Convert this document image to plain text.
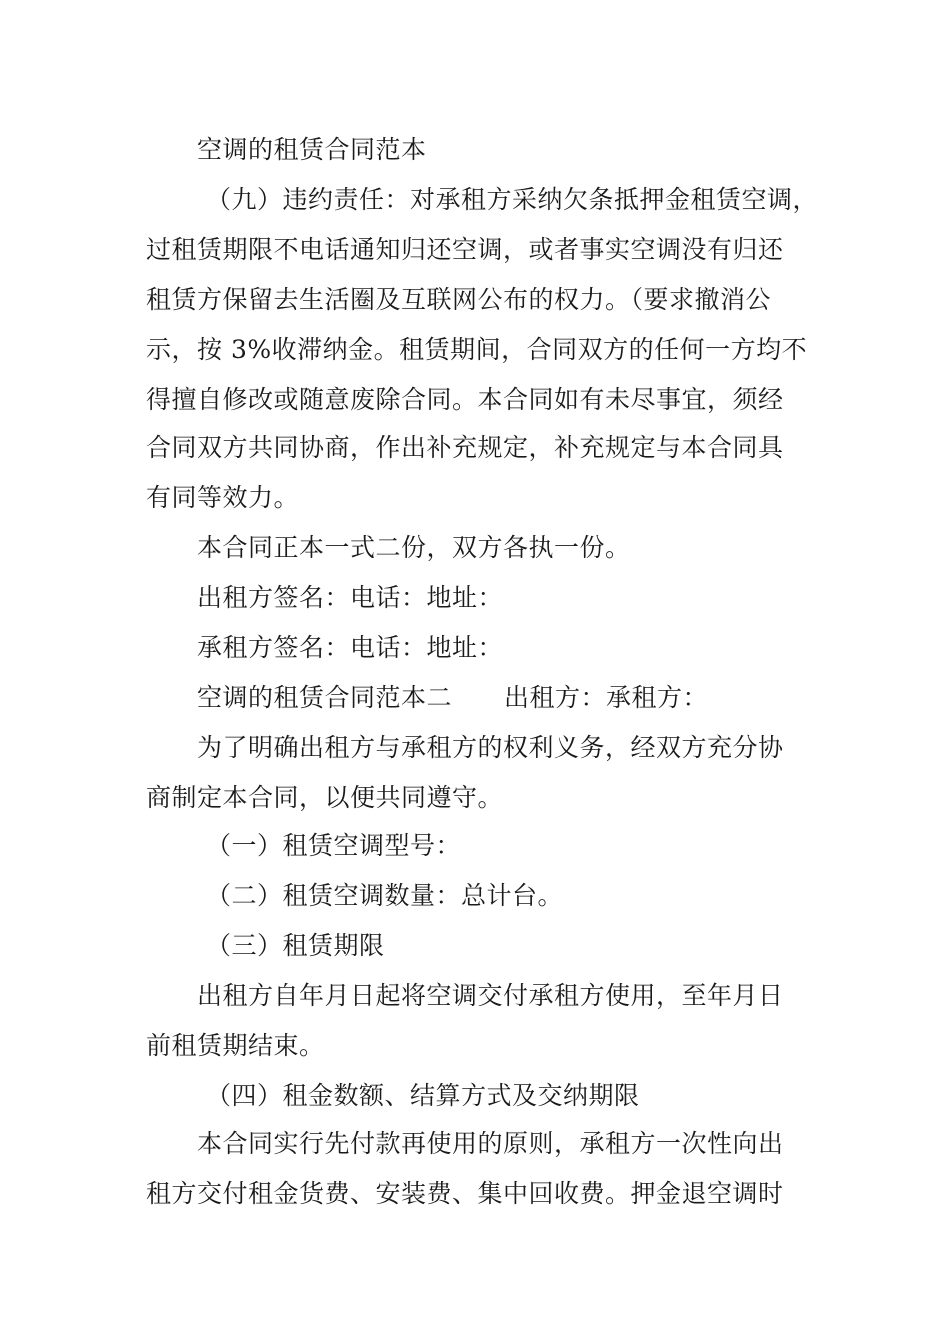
空调的租赁合同范本
（九）违约责任：对承租方采纳欠条抵押金租赁空调，
过租赁期限不电话通知归还空调，或者事实空调没有归还
租赁方保留去生活圈及互联网公布的权力。（要求撤消公
示，按 3%收滞纳金。租赁期间，合同双方的任何一方均不
得擅自修改或随意废除合同。本合同如有未尽事宜，须经
合同双方共同协商，作出补充规定，补充规定与本合同具
有同等效力。
本合同正本一式二份，双方各执一份。
出租方签名：电话：地址：
承租方签名：电话：地址：
空调的租赁合同范本二 出租方：承租方：
为了明确出租方与承租方的权利义务，经双方充分协
商制定本合同，以便共同遵守。
（一）租赁空调型号：
（二）租赁空调数量：总计台。
（三）租赁期限
出租方自年月日起将空调交付承租方使用，至年月日
前租赁期结束。
（四）租金数额、结算方式及交纳期限
本合同实行先付款再使用的原则，承租方一次性向出
租方交付租金货费、安装费、集中回收费。押金退空调时
